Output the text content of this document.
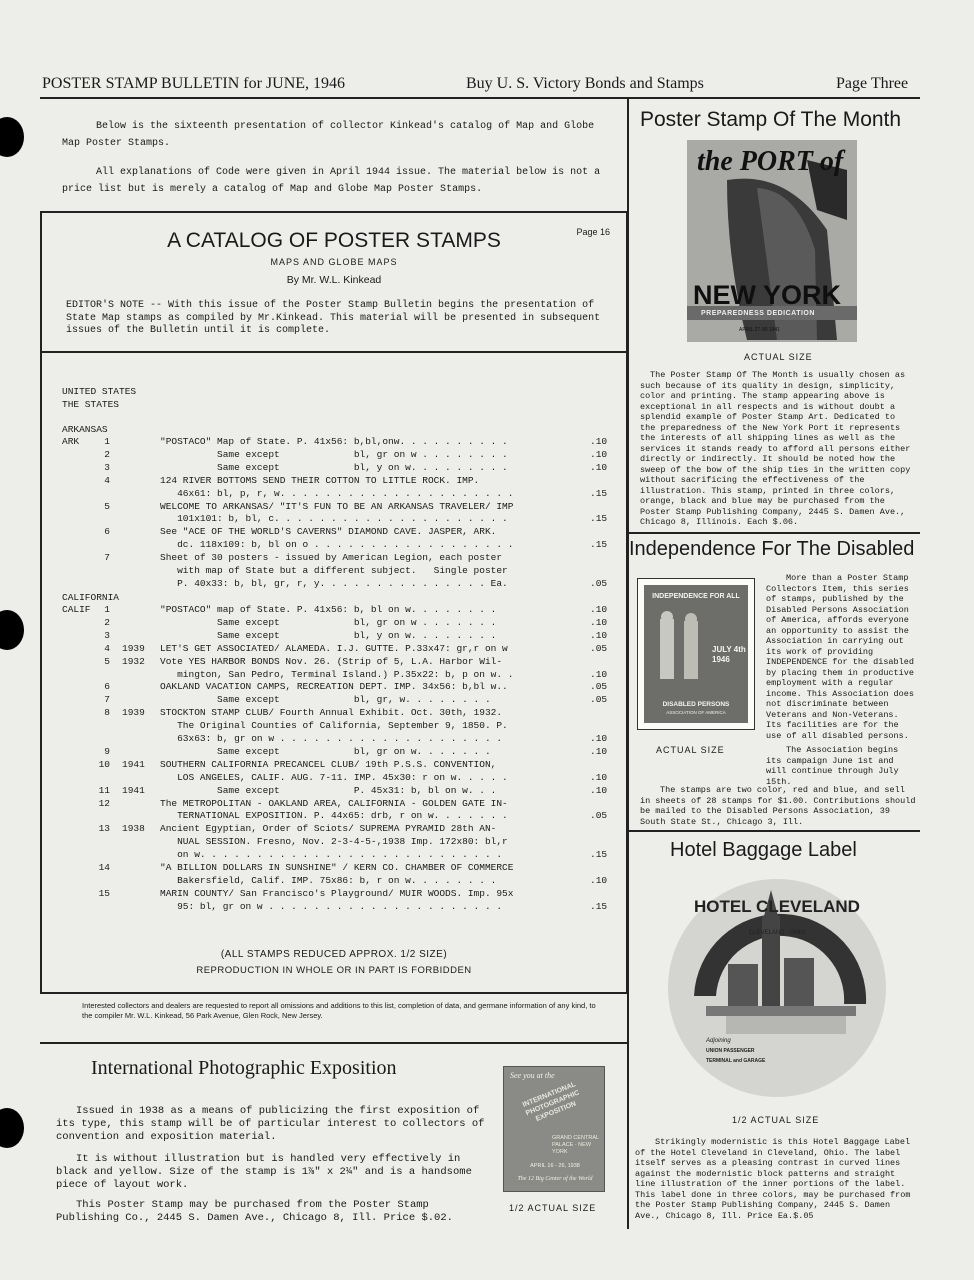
POSTER STAMP BULLETIN for JUNE, 1946	Buy U. S. Victory Bonds and Stamps	Page Three
Below is the sixteenth presentation of collector Kinkead's catalog of Map and Globe Map Poster Stamps.
All explanations of Code were given in April 1944 issue. The material below is not a price list but is merely a catalog of Map and Globe Map Poster Stamps.
Page 16
A CATALOG OF POSTER STAMPS
MAPS AND GLOBE MAPS
By Mr. W.L. Kinkead
EDITOR'S NOTE -- With this issue of the Poster Stamp Bulletin begins the presentation of State Map stamps as compiled by Mr.Kinkead. This material will be presented in subsequent issues of the Bulletin until it is complete.
UNITED STATES
THE STATES
ARKANSAS
CALIFORNIA
ARK	1	"POSTACO" Map of State. P. 41x56: b,bl,onw. . . . . . . . . .	.10
2	Same except             bl, gr on w . . . . . . . .	.10
3	Same except             bl, y on w. . . . . . . . .	.10
4	124 RIVER BOTTOMS SEND THEIR COTTON TO LITTLE ROCK. IMP.
46x61: bl, p, r, w. . . . . . . . . . . . . . . . . . . . .	.15
5	WELCOME TO ARKANSAS/ "IT'S FUN TO BE AN ARKANSAS TRAVELER/ IMP
101x101: b, bl, c. . . . . . . . . . . . . . . . . . . . .	.15
6	See "ACE OF THE WORLD'S CAVERNS" DIAMOND CAVE. JASPER, ARK.
dc. 118x109: b, bl on o . . . . . . . . . . . . . . . . . .	.15
7	Sheet of 30 posters - issued by American Legion, each poster
with map of State but a different subject.   Single poster
P. 40x33: b, bl, gr, r, y. . . . . . . . . . . . . . . Ea.	.05
CALIF	1	"POSTACO" map of State. P. 41x56: b, bl on w. . . . . . . .	.10
2	Same except             bl, gr on w . . . . . . .	.10
3	Same except             bl, y on w. . . . . . . .	.10
4 1939 LET'S GET ASSOCIATED/ ALAMEDA. I.J. GUTTE. P.33x47: gr,r on w	.05
5 1932 Vote YES HARBOR BONDS Nov. 26. (Strip of 5, L.A. Harbor Wil-
mington, San Pedro, Terminal Island.) P.35x22: b, p on w. .	.10
6	OAKLAND VACATION CAMPS, RECREATION DEPT. IMP. 34x56: b,bl w..	.05
7	Same except             bl, gr, w. . . . . . . .	.05
8 1939 STOCKTON STAMP CLUB/ Fourth Annual Exhibit. Oct. 30th, 1932.
The Original Counties of California, September 9, 1850. P.
63x63: b, gr on w . . . . . . . . . . . . . . . . . . . .	.10
9	Same except             bl, gr on w. . . . . . .	.10
10 1941 SOUTHERN CALIFORNIA PRECANCEL CLUB/ 19th P.S.S. CONVENTION,
LOS ANGELES, CALIF. AUG. 7-11. IMP. 45x30: r on w. . . . .	.10
11 1941 Same except             P. 45x31: b, bl on w. . .	.10
12	The METROPOLITAN - OAKLAND AREA, CALIFORNIA - GOLDEN GATE IN-
TERNATIONAL EXPOSITION. P. 44x65: drb, r on w. . . . . . .	.05
13 1938 Ancient Egyptian, Order of Sciots/ SUPREMA PYRAMID 28th AN-
NUAL SESSION. Fresno, Nov. 2-3-4-5-,1938 Imp. 172x80: bl,r
on w. . . . . . . . . . . . . . . . . . . . . . . . . . .	.15
14	"A BILLION DOLLARS IN SUNSHINE" / KERN CO. CHAMBER OF COMMERCE
Bakersfield, Calif. IMP. 75x86: b, r on w. . . . . . . .	.10
15	MARIN COUNTY/ San Francisco's Playground/ MUIR WOODS. Imp. 95x
95: bl, gr on w . . . . . . . . . . . . . . . . . . . . .	.15
(ALL STAMPS REDUCED APPROX. 1/2 SIZE)
REPRODUCTION IN WHOLE OR IN PART IS FORBIDDEN
Interested collectors and dealers are requested to report all omissions and additions to this list, completion of data, and germane information of any kind, to the compiler Mr. W.L. Kinkead, 56 Park Avenue, Glen Rock, New Jersey.
International Photographic Exposition
Issued in 1938 as a means of publicizing the first exposition of its type, this stamp will be of particular interest to collectors of convention and exposition material.
It is without illustration but is handled very effectively in black and yellow. Size of the stamp is 1⅞" x 2¼" and is a handsome piece of layout work.
This Poster Stamp may be purchased from the Poster Stamp Publishing Co., 2445 S. Damen Ave., Chicago 8, Ill. Price $.02.
See you at the
INTERNATIONAL PHOTOGRAPHIC EXPOSITION
GRAND CENTRAL PALACE · NEW YORK
APRIL 16 - 26, 1938
The 12 Big Center of the World
1/2 ACTUAL SIZE
Poster Stamp Of The Month
the PORT of
NEW YORK
PREPAREDNESS DEDICATION
APRIL 27-30 1941
ACTUAL SIZE
The Poster Stamp Of The Month is usually chosen as such because of its quality in design, simplicity, color and printing. The stamp appearing above is exceptional in all respects and is without doubt a splendid example of Poster Stamp Art. Dedicated to the preparedness of the New York Port it represents the interests of all shipping lines as well as the services it stands ready to afford all persons either directly or indirectly. It should be noted how the sweep of the bow of the ship ties in the written copy without sacrificing the effectiveness of the illustration. This stamp, printed in three colors, orange, black and blue may be purchased from the Poster Stamp Publishing Company, 2445 S. Damen Ave., Chicago 8, Illinois. Each $.06.
Independence For The Disabled
INDEPENDENCE FOR ALL
JULY 4th 1946
DISABLED PERSONS
ASSOCIATION OF AMERICA
ACTUAL SIZE
More than a Poster Stamp Collectors Item, this series of stamps, published by the Disabled Persons Association of America, affords everyone an opportunity to assist the Association in carrying out its work of providing INDEPENDENCE for the disabled by placing them in productive employment with a regular income. This Association does not discriminate between Veterans and Non-Veterans. Its facilities are for the use of all disabled persons.
The Association begins its campaign June 1st and will continue through July 15th.
The stamps are two color, red and blue, and sell in sheets of 28 stamps for $1.00. Contributions should be mailed to the Disabled Persons Association, 39 South State St., Chicago 3, Ill.
Hotel Baggage Label
HOTEL CLEVELAND
CLEVELAND · OHIO
Adjoining
UNION PASSENGER
TERMINAL and GARAGE
1/2 ACTUAL SIZE
Strikingly modernistic is this Hotel Baggage Label of the Hotel Cleveland in Cleveland, Ohio. The label itself serves as a pleasing contrast in curved lines against the modernistic block patterns and straight line illustration of the inner portions of the label. This label done in three colors, may be purchased from the Poster Stamp Publishing Company, 2445 S. Damen Ave., Chicago 8, Ill. Price Ea.$.05
